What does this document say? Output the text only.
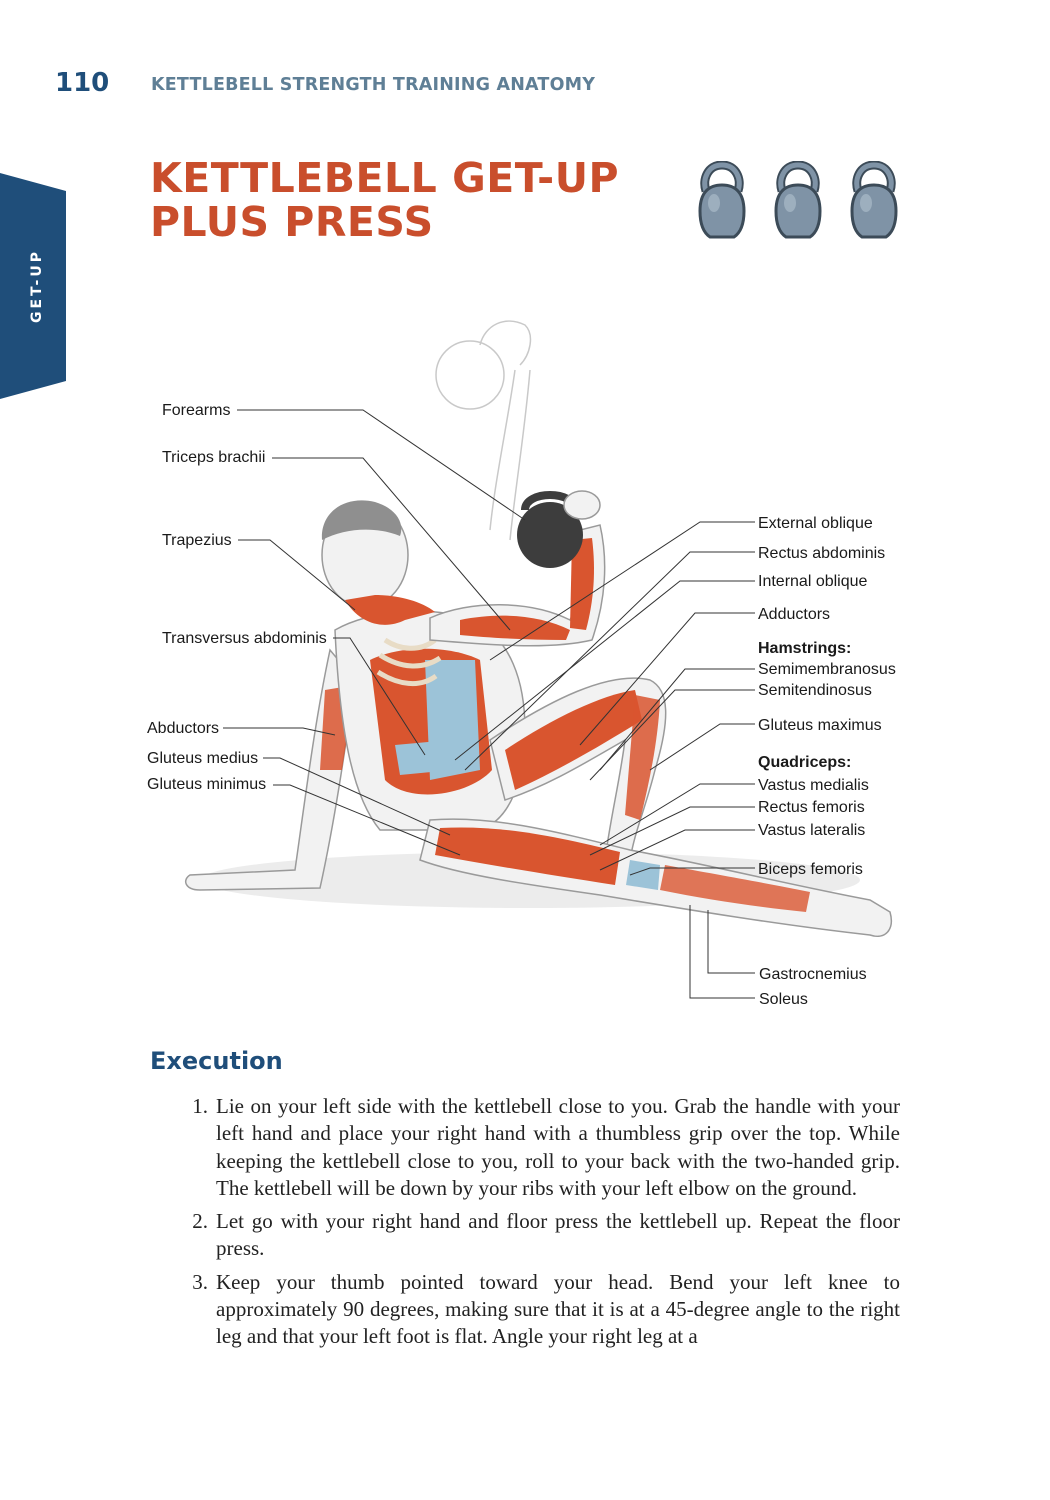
110 KETTLEBELL STRENGTH TRAINING ANATOMY
GET-UP
KETTLEBELL GET-UP
PLUS PRESS
Forearms
Triceps brachii
Trapezius
Transversus abdominis
Abductors
Gluteus medius
Gluteus minimus
External oblique
Rectus abdominis
Internal oblique
Adductors
Hamstrings:
Semimembranosus
Semitendinosus
Gluteus maximus
Quadriceps:
Vastus medialis
Rectus femoris
Vastus lateralis
Biceps femoris
Gastrocnemius
Soleus
Execution
1. Lie on your left side with the kettlebell close to you. Grab the handle with your left hand and place your right hand with a thumbless grip over the top. While keeping the kettlebell close to you, roll to your back with the two-handed grip. The kettlebell will be down by your ribs with your left elbow on the ground.
2. Let go with your right hand and floor press the kettlebell up. Repeat the floor press.
3. Keep your thumb pointed toward your head. Bend your left knee to approximately 90 degrees, making sure that it is at a 45-degree angle to the right leg and that your left foot is flat. Angle your right leg at a
